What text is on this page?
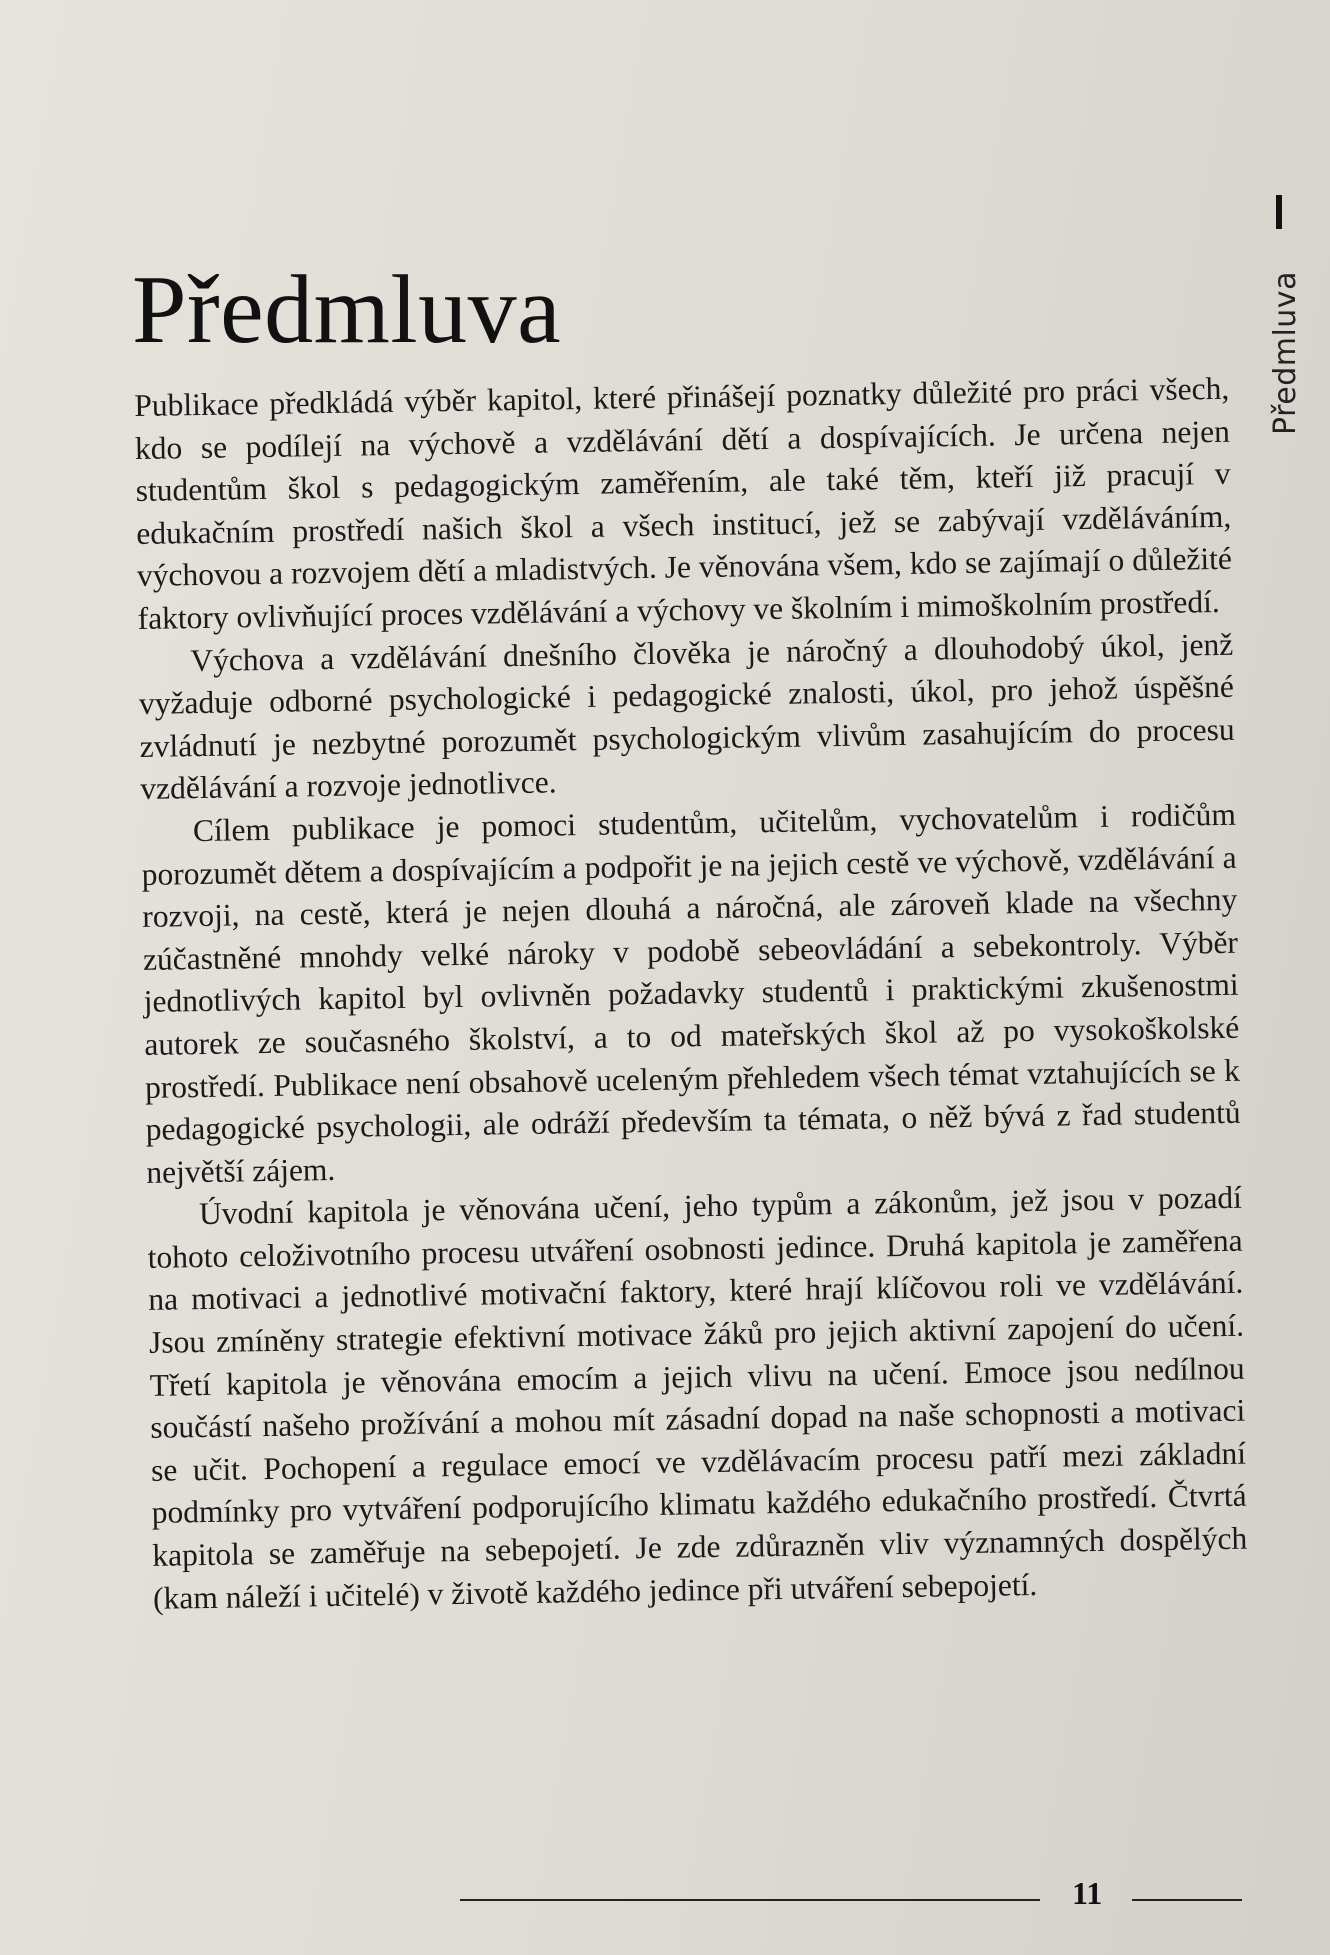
Předmluva	Předmluva

Publikace předkládá výběr kapitol, které přinášejí poznatky důležité pro práci všech, kdo se podílejí na výchově a vzdělávání dětí a dospívajících. Je určena nejen studentům škol s pedagogickým zaměřením, ale také těm, kteří již pracují v edukačním prostředí našich škol a všech institucí, jež se zabývají vzděláváním, výchovou a rozvojem dětí a mladistvých. Je věnována všem, kdo se zajímají o důležité faktory ovlivňující proces vzdělávání a výchovy ve školním i mimoškolním prostředí.

Výchova a vzdělávání dnešního člověka je náročný a dlouhodobý úkol, jenž vyžaduje odborné psychologické i pedagogické znalosti, úkol, pro jehož úspěšné zvládnutí je nezbytné porozumět psychologickým vlivům zasahujícím do procesu vzdělávání a rozvoje jednotlivce.

Cílem publikace je pomoci studentům, učitelům, vychovatelům i rodičům porozumět dětem a dospívajícím a podpořit je na jejich cestě ve výchově, vzdělávání a rozvoji, na cestě, která je nejen dlouhá a náročná, ale zároveň klade na všechny zúčastněné mnohdy velké nároky v podobě sebeovládání a sebekontroly. Výběr jednotlivých kapitol byl ovlivněn požadavky studentů i praktickými zkušenostmi autorek ze současného školství, a to od mateřských škol až po vysokoškolské prostředí. Publikace není obsahově uceleným přehledem všech témat vztahujících se k pedagogické psychologii, ale odráží především ta témata, o něž bývá z řad studentů největší zájem.

Úvodní kapitola je věnována učení, jeho typům a zákonům, jež jsou v pozadí tohoto celoživotního procesu utváření osobnosti jedince. Druhá kapitola je zaměřena na motivaci a jednotlivé motivační faktory, které hrají klíčovou roli ve vzdělávání. Jsou zmíněny strategie efektivní motivace žáků pro jejich aktivní zapojení do učení. Třetí kapitola je věnována emocím a jejich vlivu na učení. Emoce jsou nedílnou součástí našeho prožívání a mohou mít zásadní dopad na naše schopnosti a motivaci se učit. Pochopení a regulace emocí ve vzdělávacím procesu patří mezi základní podmínky pro vytváření podporujícího klimatu každého edukačního prostředí. Čtvrtá kapitola se zaměřuje na sebepojetí. Je zde zdůrazněn vliv významných dospělých (kam náleží i učitelé) v životě každého jedince při utváření sebepojetí.

11
